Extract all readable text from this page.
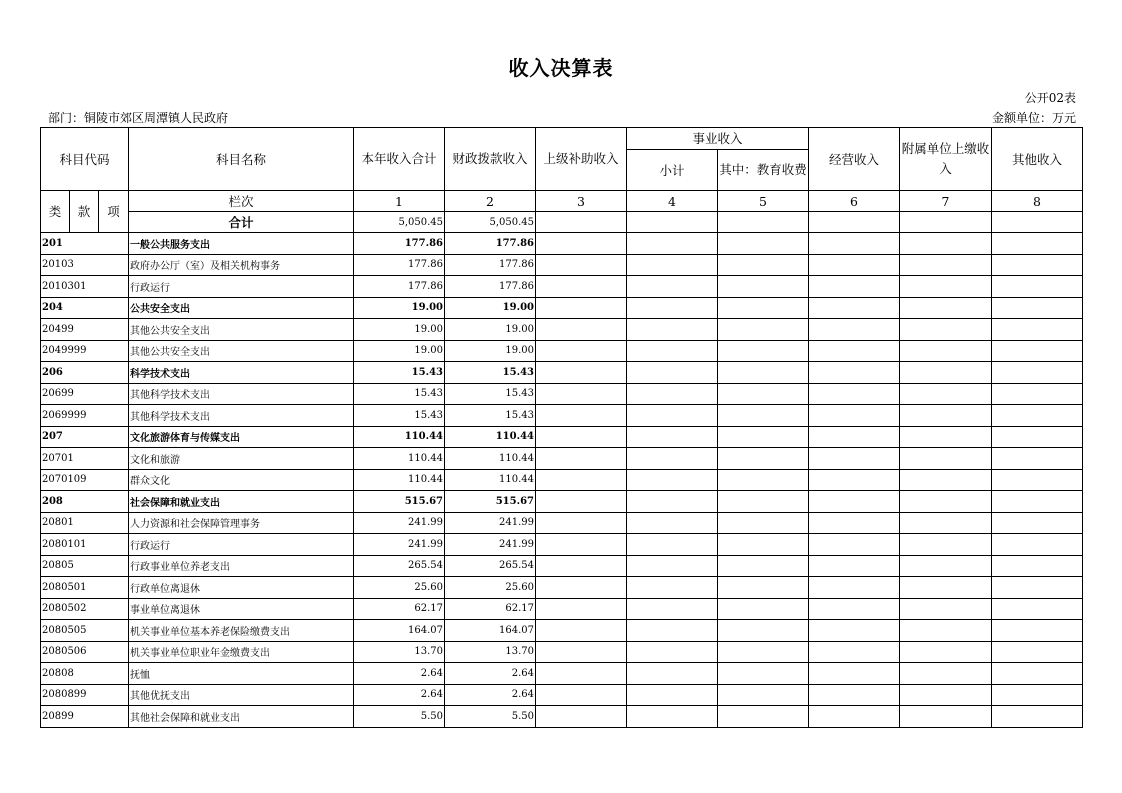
收入决算表
公开02表
部门：铜陵市郊区周潭镇人民政府	金额单位：万元
科目代码			科目名称	本年收入合计	财政拨款收入	上级补助收入	事业收入		经营收入	附属单位上缴收入	其他收入	
							小计	其中：教育收费				
类	款	项	栏次	1	2	3	4	5	6	7	8	
			合计	5,050.45	5,050.45							
201			一般公共服务支出	177.86	177.86							
20103			政府办公厅（室）及相关机构事务	177.86	177.86							
2010301			行政运行	177.86	177.86							
204			公共安全支出	19.00	19.00							
20499			其他公共安全支出	19.00	19.00							
2049999			其他公共安全支出	19.00	19.00							
206			科学技术支出	15.43	15.43							
20699			其他科学技术支出	15.43	15.43							
2069999			其他科学技术支出	15.43	15.43							
207			文化旅游体育与传媒支出	110.44	110.44							
20701			文化和旅游	110.44	110.44							
2070109			群众文化	110.44	110.44							
208			社会保障和就业支出	515.67	515.67							
20801			人力资源和社会保障管理事务	241.99	241.99							
2080101			行政运行	241.99	241.99							
20805			行政事业单位养老支出	265.54	265.54							
2080501			行政单位离退休	25.60	25.60							
2080502			事业单位离退休	62.17	62.17							
2080505			机关事业单位基本养老保险缴费支出	164.07	164.07							
2080506			机关事业单位职业年金缴费支出	13.70	13.70							
20808			抚恤	2.64	2.64							
2080899			其他优抚支出	2.64	2.64							
20899			其他社会保障和就业支出	5.50	5.50							
